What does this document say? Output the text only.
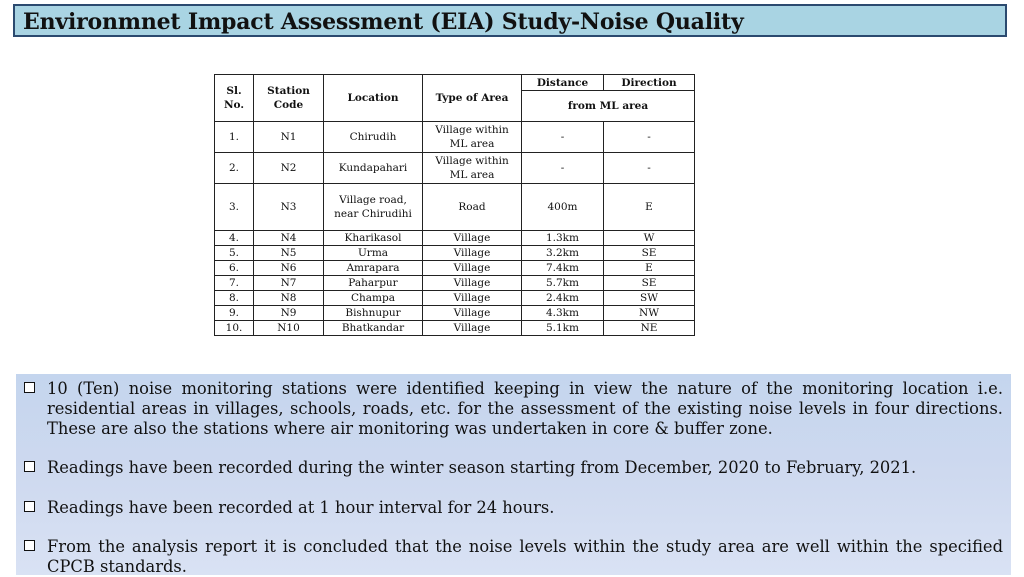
Environmnet Impact Assessment (EIA) Study-Noise Quality
Sl. No.	Station Code	Location	Type of Area	Distance	Direction
				from ML area	
1.	N1	Chirudih	Village within ML area	-	-
2.	N2	Kundapahari	Village within ML area	-	-
3.	N3	Village road, near Chirudihi	Road	400m	E
4.	N4	Kharikasol	Village	1.3km	W
5.	N5	Urma	Village	3.2km	SE
6.	N6	Amrapara	Village	7.4km	E
7.	N7	Paharpur	Village	5.7km	SE
8.	N8	Champa	Village	2.4km	SW
9.	N9	Bishnupur	Village	4.3km	NW
10.	N10	Bhatkandar	Village	5.1km	NE
10 (Ten) noise monitoring stations were identified keeping in view the nature of the monitoring location i.e. residential areas in villages, schools, roads, etc. for the assessment of the existing noise levels in four directions. These are also the stations where air monitoring was undertaken in core & buffer zone.
Readings have been recorded during the winter season starting from December, 2020 to February, 2021.
Readings have been recorded at 1 hour interval for 24 hours.
From the analysis report it is concluded that the noise levels within the study area are well within the specified CPCB standards.
